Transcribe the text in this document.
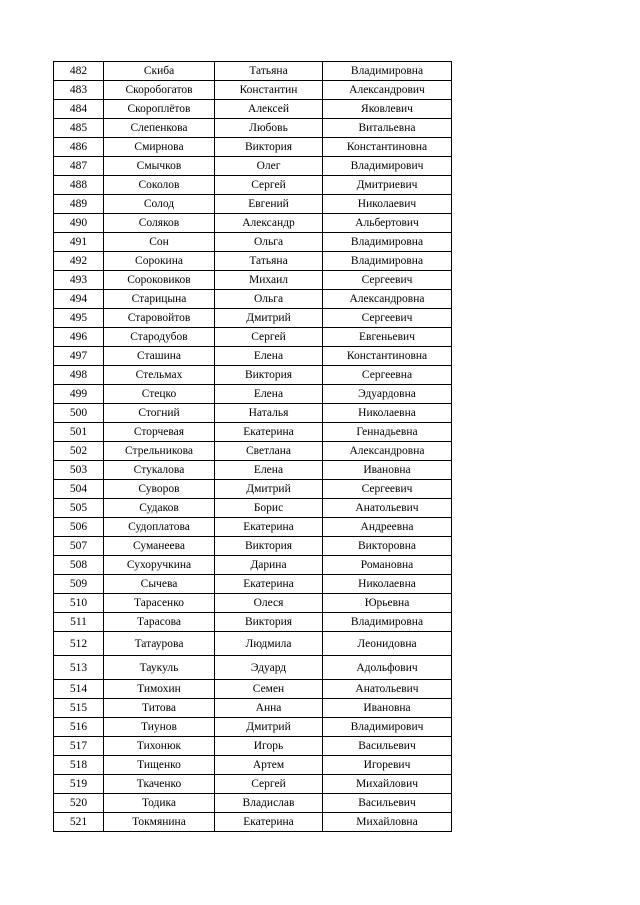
482	Скиба	Татьяна	Владимировна
483	Скоробогатов	Константин	Александрович
484	Скороплётов	Алексей	Яковлевич
485	Слепенкова	Любовь	Витальевна
486	Смирнова	Виктория	Константиновна
487	Смычков	Олег	Владимирович
488	Соколов	Сергей	Дмитриевич
489	Солод	Евгений	Николаевич
490	Соляков	Александр	Альбертович
491	Сон	Ольга	Владимировна
492	Сорокина	Татьяна	Владимировна
493	Сороковиков	Михаил	Сергеевич
494	Старицына	Ольга	Александровна
495	Старовойтов	Дмитрий	Сергеевич
496	Стародубов	Сергей	Евгеньевич
497	Сташина	Елена	Константиновна
498	Стельмах	Виктория	Сергеевна
499	Стецко	Елена	Эдуардовна
500	Стогний	Наталья	Николаевна
501	Сторчевая	Екатерина	Геннадьевна
502	Стрельникова	Светлана	Александровна
503	Стукалова	Елена	Ивановна
504	Суворов	Дмитрий	Сергеевич
505	Судаков	Борис	Анатольевич
506	Судоплатова	Екатерина	Андреевна
507	Суманеева	Виктория	Викторовна
508	Сухоручкина	Дарина	Романовна
509	Сычева	Екатерина	Николаевна
510	Тарасенко	Олеся	Юрьевна
511	Тарасова	Виктория	Владимировна
512	Татаурова	Людмила	Леонидовна
513	Таукуль	Эдуард	Адольфович
514	Тимохин	Семен	Анатольевич
515	Титова	Анна	Ивановна
516	Тиунов	Дмитрий	Владимирович
517	Тихонюк	Игорь	Васильевич
518	Тищенко	Артем	Игоревич
519	Ткаченко	Сергей	Михайлович
520	Тодика	Владислав	Васильевич
521	Токмянина	Екатерина	Михайловна
